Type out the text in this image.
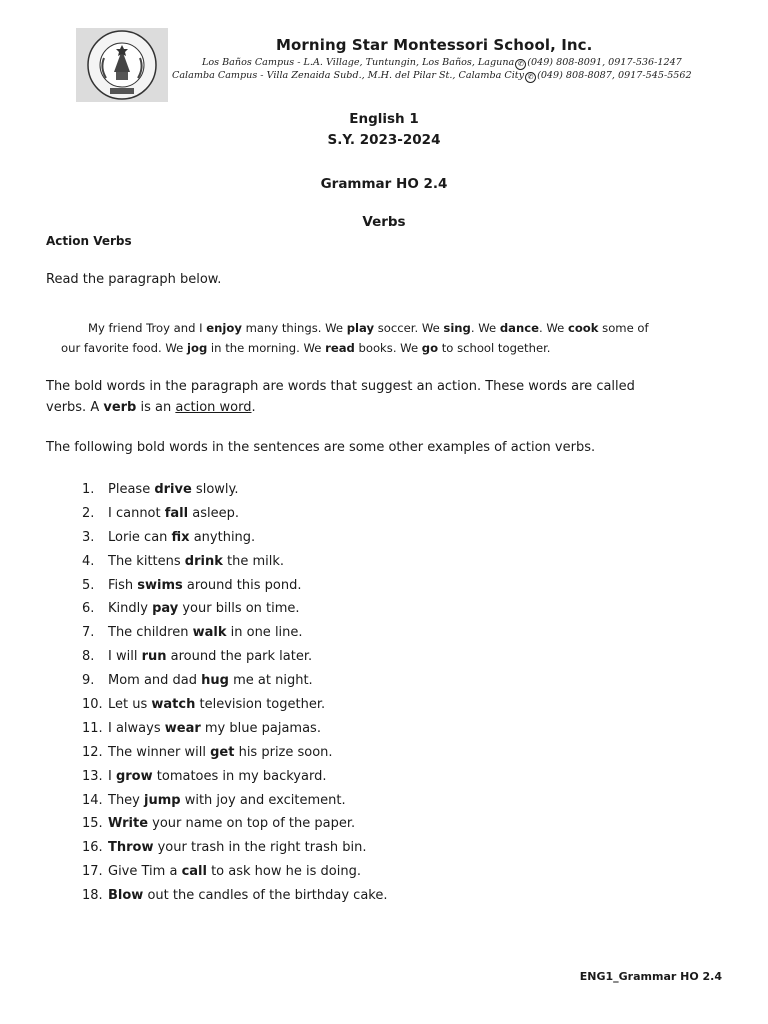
Morning Star Montessori School, Inc.
Los Baños Campus - L.A. Village, Tuntungin, Los Baños, Laguna ✆ (049) 808-8091, 0917-536-1247
Calamba Campus - Villa Zenaida Subd., M.H. del Pilar St., Calamba City ✆ (049) 808-8087, 0917-545-5562
English 1
S.Y. 2023-2024
Grammar HO 2.4
Verbs
Action Verbs
Read the paragraph below.
My friend Troy and I enjoy many things. We play soccer. We sing. We dance. We cook some of
our favorite food. We jog in the morning. We read books. We go to school together.
The bold words in the paragraph are words that suggest an action. These words are called
verbs. A verb is an action word.
The following bold words in the sentences are some other examples of action verbs.
1. Please drive slowly.
2. I cannot fall asleep.
3. Lorie can fix anything.
4. The kittens drink the milk.
5. Fish swims around this pond.
6. Kindly pay your bills on time.
7. The children walk in one line.
8. I will run around the park later.
9. Mom and dad hug me at night.
10. Let us watch television together.
11. I always wear my blue pajamas.
12. The winner will get his prize soon.
13. I grow tomatoes in my backyard.
14. They jump with joy and excitement.
15. Write your name on top of the paper.
16. Throw your trash in the right trash bin.
17. Give Tim a call to ask how he is doing.
18. Blow out the candles of the birthday cake.
ENG1_Grammar HO 2.4
